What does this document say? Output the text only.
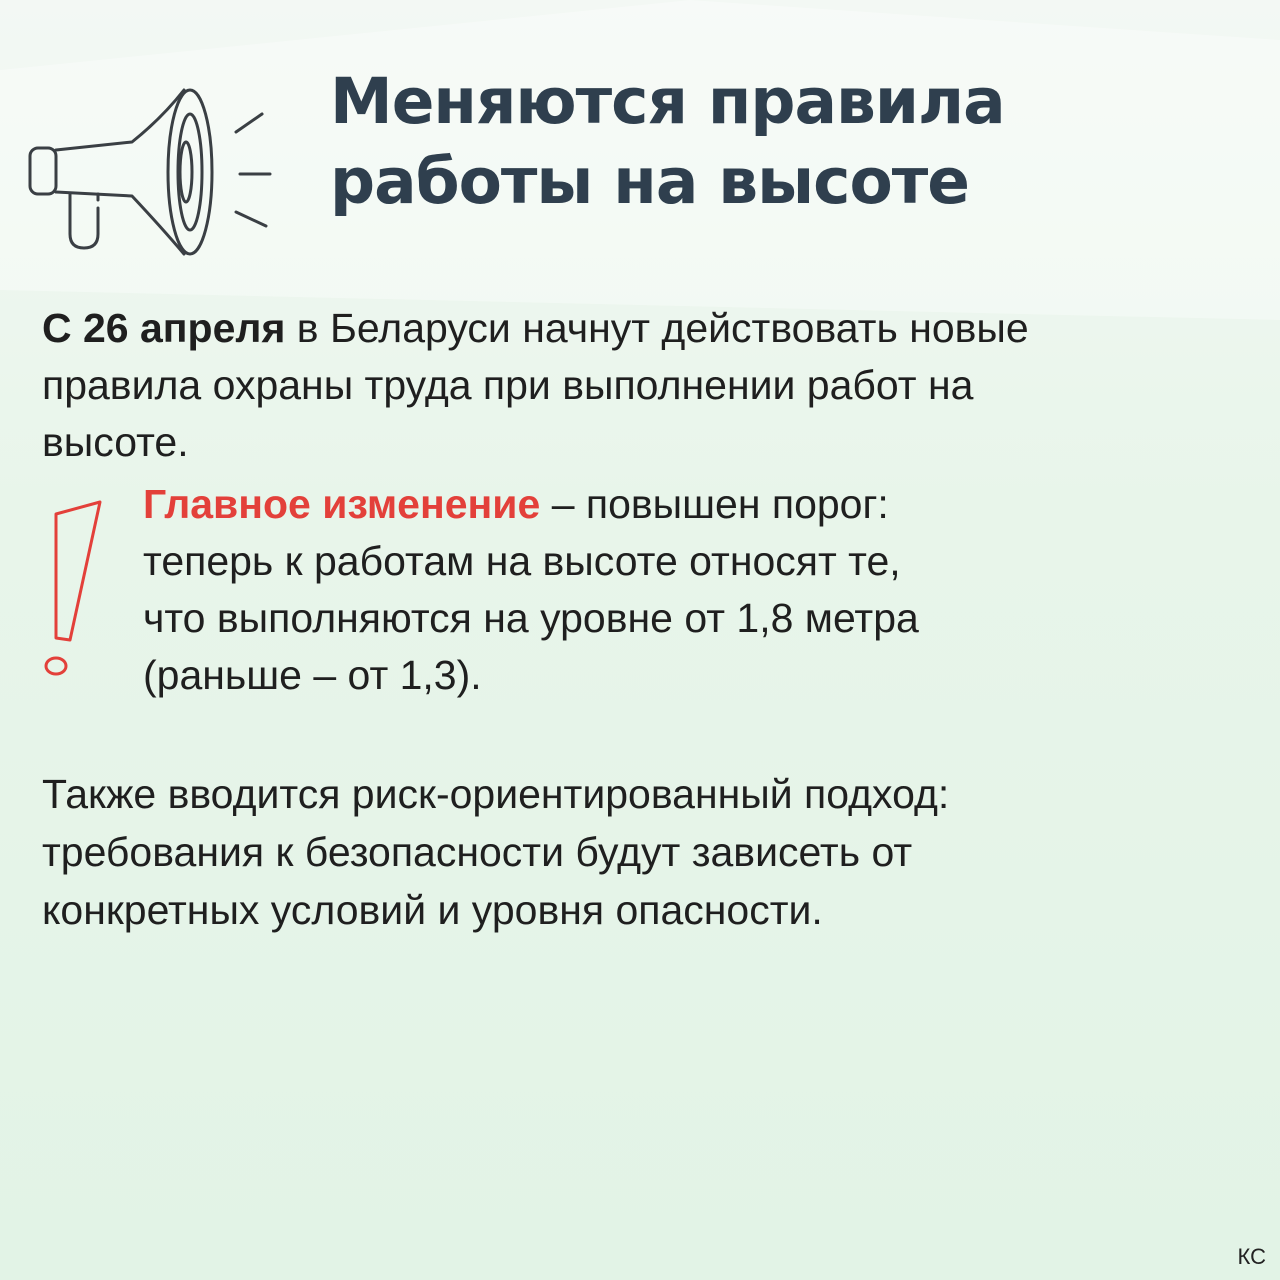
Меняются правила
работы на высоте

С 26 апреля в Беларуси начнут действовать новые
правила охраны труда при выполнении работ на
высоте.

Главное изменение – повышен порог:
теперь к работам на высоте относят те,
что выполняются на уровне от 1,8 метра
(раньше – от 1,3).

Также вводится риск-ориентированный подход:
требования к безопасности будут зависеть от
конкретных условий и уровня опасности.

КС
